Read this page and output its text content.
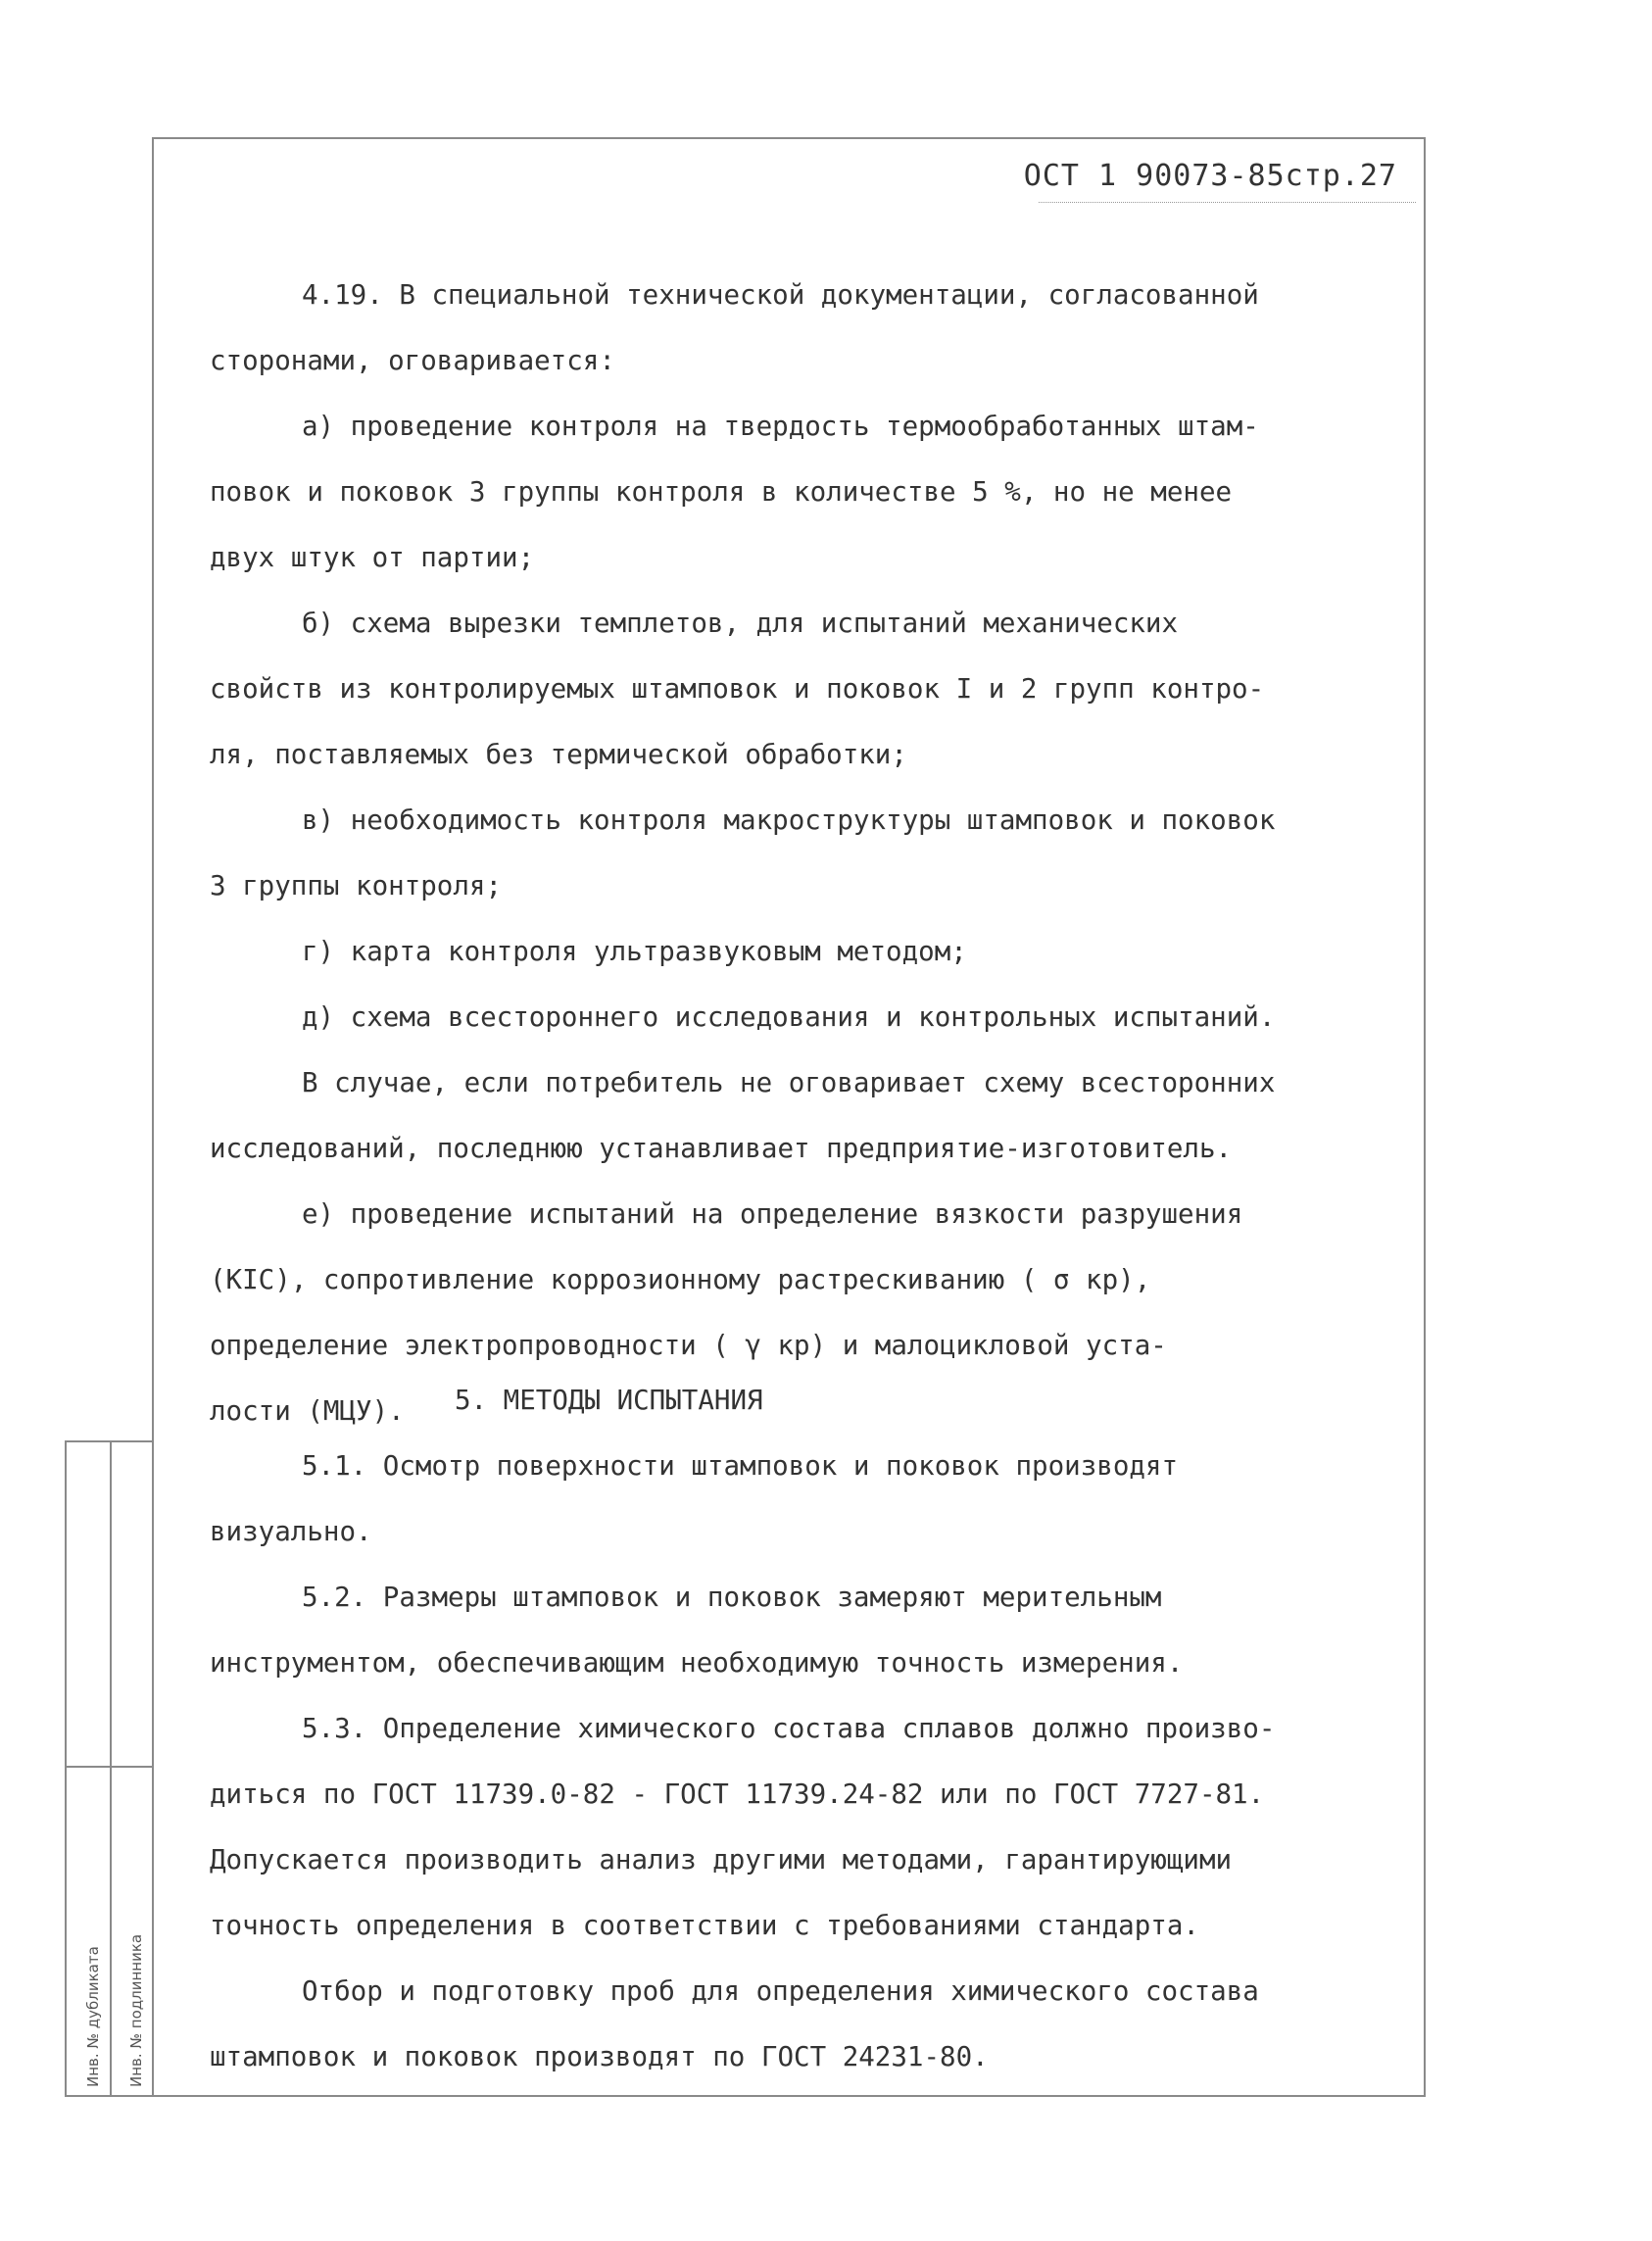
Инв. № дубликата Инв. № подлинника
ОСТ 1 90073-85стр.27
4.19. В специальной технической документации, согласованной
сторонами, оговаривается:
а) проведение контроля на твердость термообработанных штам-
повок и поковок 3 группы контроля в количестве 5 %, но не менее
двух штук от партии;
б) схема вырезки темплетов, для испытаний механических
свойств из контролируемых штамповок и поковок I и 2 групп контро-
ля, поставляемых без термической обработки;
в) необходимость контроля макроструктуры штамповок и поковок
3 группы контроля;
г) карта контроля ультразвуковым методом;
д) схема всестороннего исследования и контрольных испытаний.
В случае, если потребитель не оговаривает схему всесторонних
исследований, последнюю устанавливает предприятие-изготовитель.
е) проведение испытаний на определение вязкости разрушения
(KIC), сопротивление коррозионному растрескиванию ( σ кр),
определение электропроводности ( γ кр) и малоцикловой уста-
лости (МЦУ).	5. МЕТОДЫ ИСПЫТАНИЯ
5.1. Осмотр поверхности штамповок и поковок производят
визуально.
5.2. Размеры штамповок и поковок замеряют мерительным
инструментом, обеспечивающим необходимую точность измерения.
5.3. Определение химического состава сплавов должно произво-
диться по ГОСТ 11739.0-82 - ГОСТ 11739.24-82 или по ГОСТ 7727-81.
Допускается производить анализ другими методами, гарантирующими
точность определения в соответствии с требованиями стандарта.
Отбор и подготовку проб для определения химического состава
штамповок и поковок производят по ГОСТ 24231-80.
